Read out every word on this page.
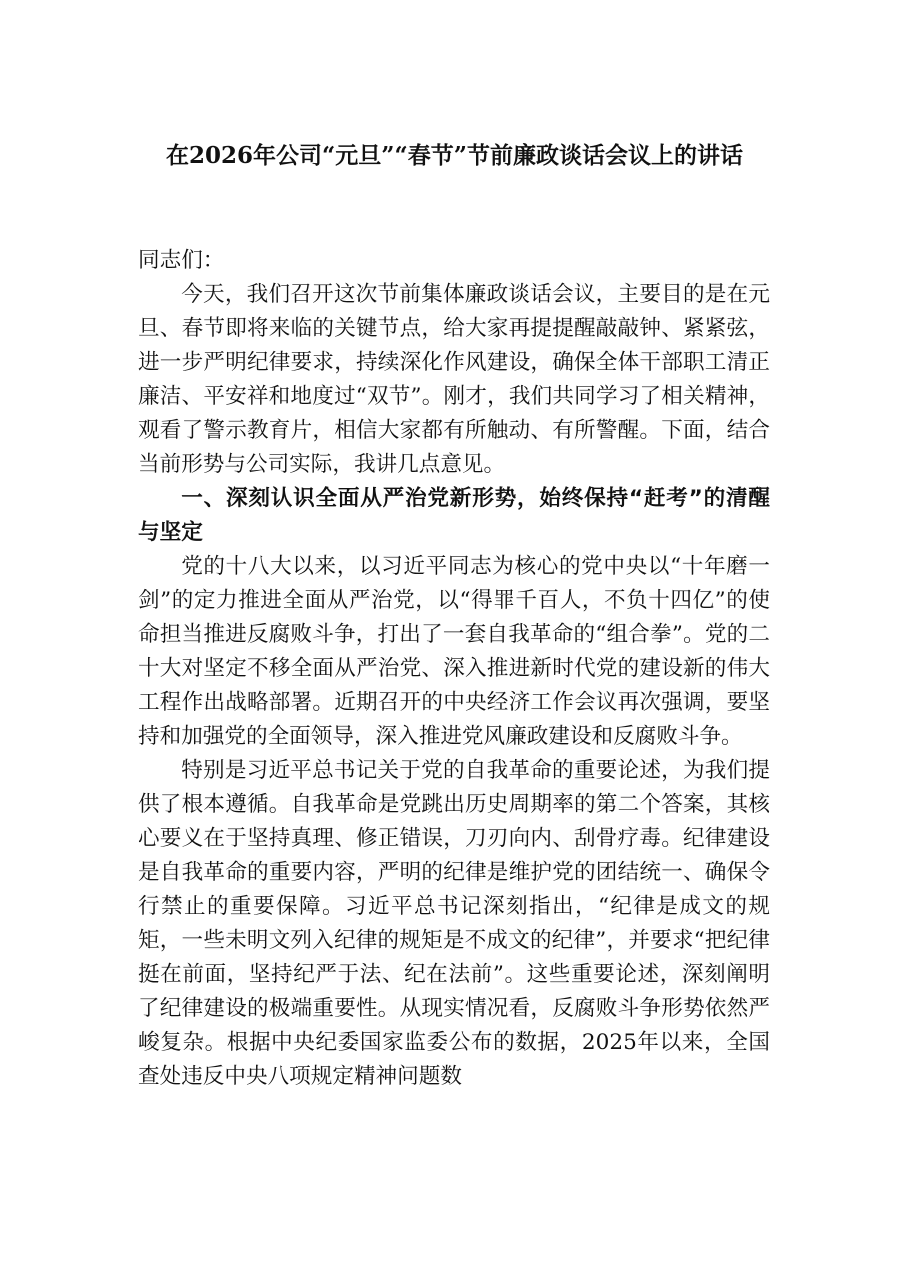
在2026年公司“元旦”“春节”节前廉政谈话会议上的讲话

同志们：

今天，我们召开这次节前集体廉政谈话会议，主要目的是在元旦、春节即将来临的关键节点，给大家再提提醒敲敲钟、紧紧弦，进一步严明纪律要求，持续深化作风建设，确保全体干部职工清正廉洁、平安祥和地度过“双节”。刚才，我们共同学习了相关精神，观看了警示教育片，相信大家都有所触动、有所警醒。下面，结合当前形势与公司实际，我讲几点意见。

一、深刻认识全面从严治党新形势，始终保持“赶考”的清醒与坚定

党的十八大以来，以习近平同志为核心的党中央以“十年磨一剑”的定力推进全面从严治党，以“得罪千百人，不负十四亿”的使命担当推进反腐败斗争，打出了一套自我革命的“组合拳”。党的二十大对坚定不移全面从严治党、深入推进新时代党的建设新的伟大工程作出战略部署。近期召开的中央经济工作会议再次强调，要坚持和加强党的全面领导，深入推进党风廉政建设和反腐败斗争。

特别是习近平总书记关于党的自我革命的重要论述，为我们提供了根本遵循。自我革命是党跳出历史周期率的第二个答案，其核心要义在于坚持真理、修正错误，刀刃向内、刮骨疗毒。纪律建设是自我革命的重要内容，严明的纪律是维护党的团结统一、确保令行禁止的重要保障。习近平总书记深刻指出，“纪律是成文的规矩，一些未明文列入纪律的规矩是不成文的纪律”，并要求“把纪律挺在前面，坚持纪严于法、纪在法前”。这些重要论述，深刻阐明了纪律建设的极端重要性。从现实情况看，反腐败斗争形势依然严峻复杂。根据中央纪委国家监委公布的数据，2025年以来，全国查处违反中央八项规定精神问题数
